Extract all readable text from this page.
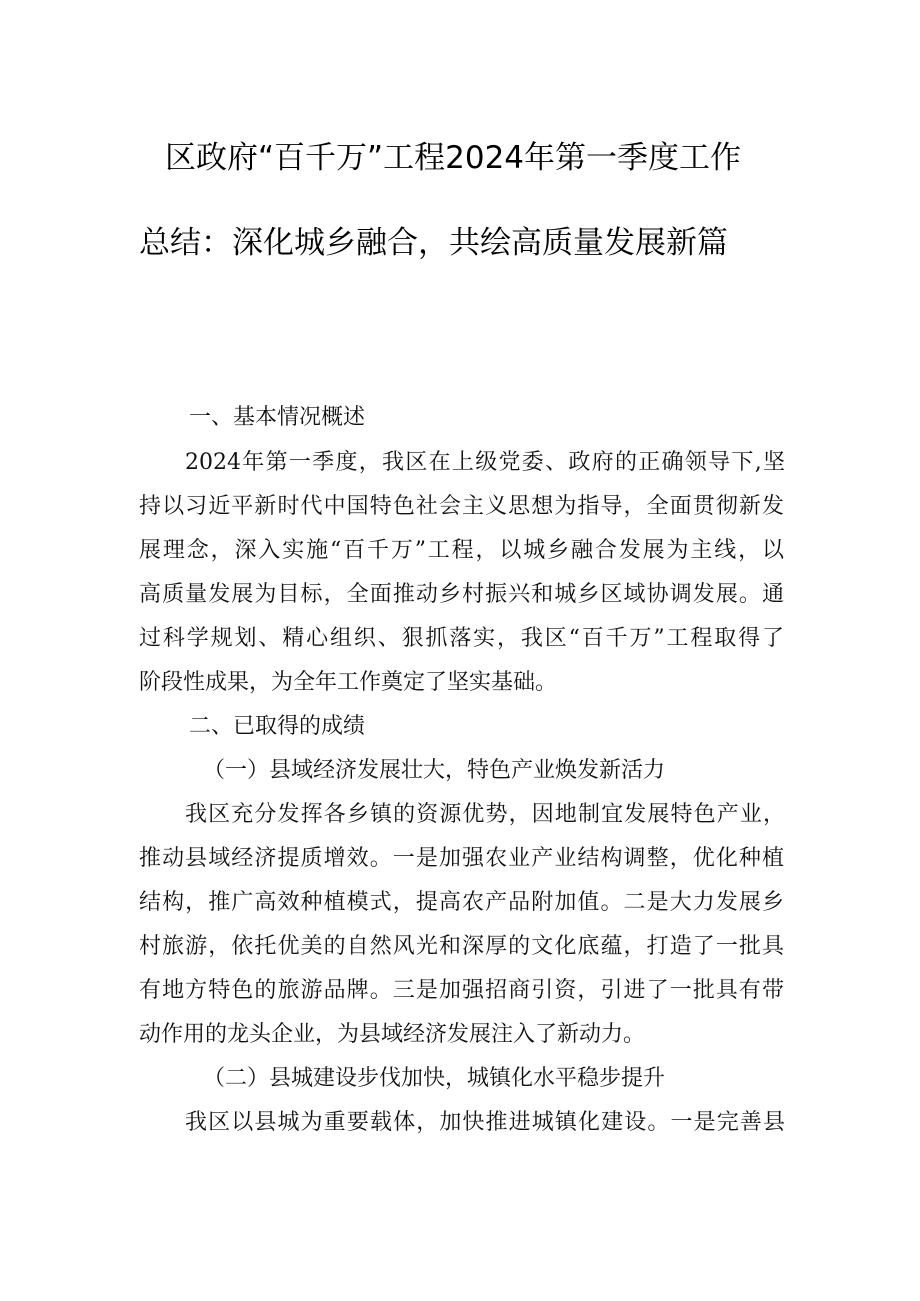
区政府“百千万”工程2024年第一季度工作
总结：深化城乡融合，共绘高质量发展新篇
一、基本情况概述
2024年第一季度，我区在上级党委、政府的正确领导下,坚
持以习近平新时代中国特色社会主义思想为指导，全面贯彻新发
展理念，深入实施“百千万”工程，以城乡融合发展为主线，以
高质量发展为目标，全面推动乡村振兴和城乡区域协调发展。通
过科学规划、精心组织、狠抓落实，我区“百千万”工程取得了
阶段性成果，为全年工作奠定了坚实基础。
二、已取得的成绩
（一）县域经济发展壮大，特色产业焕发新活力
我区充分发挥各乡镇的资源优势，因地制宜发展特色产业，
推动县域经济提质增效。一是加强农业产业结构调整，优化种植
结构，推广高效种植模式，提高农产品附加值。二是大力发展乡
村旅游，依托优美的自然风光和深厚的文化底蕴，打造了一批具
有地方特色的旅游品牌。三是加强招商引资，引进了一批具有带
动作用的龙头企业，为县域经济发展注入了新动力。
（二）县城建设步伐加快，城镇化水平稳步提升
我区以县城为重要载体，加快推进城镇化建设。一是完善县
